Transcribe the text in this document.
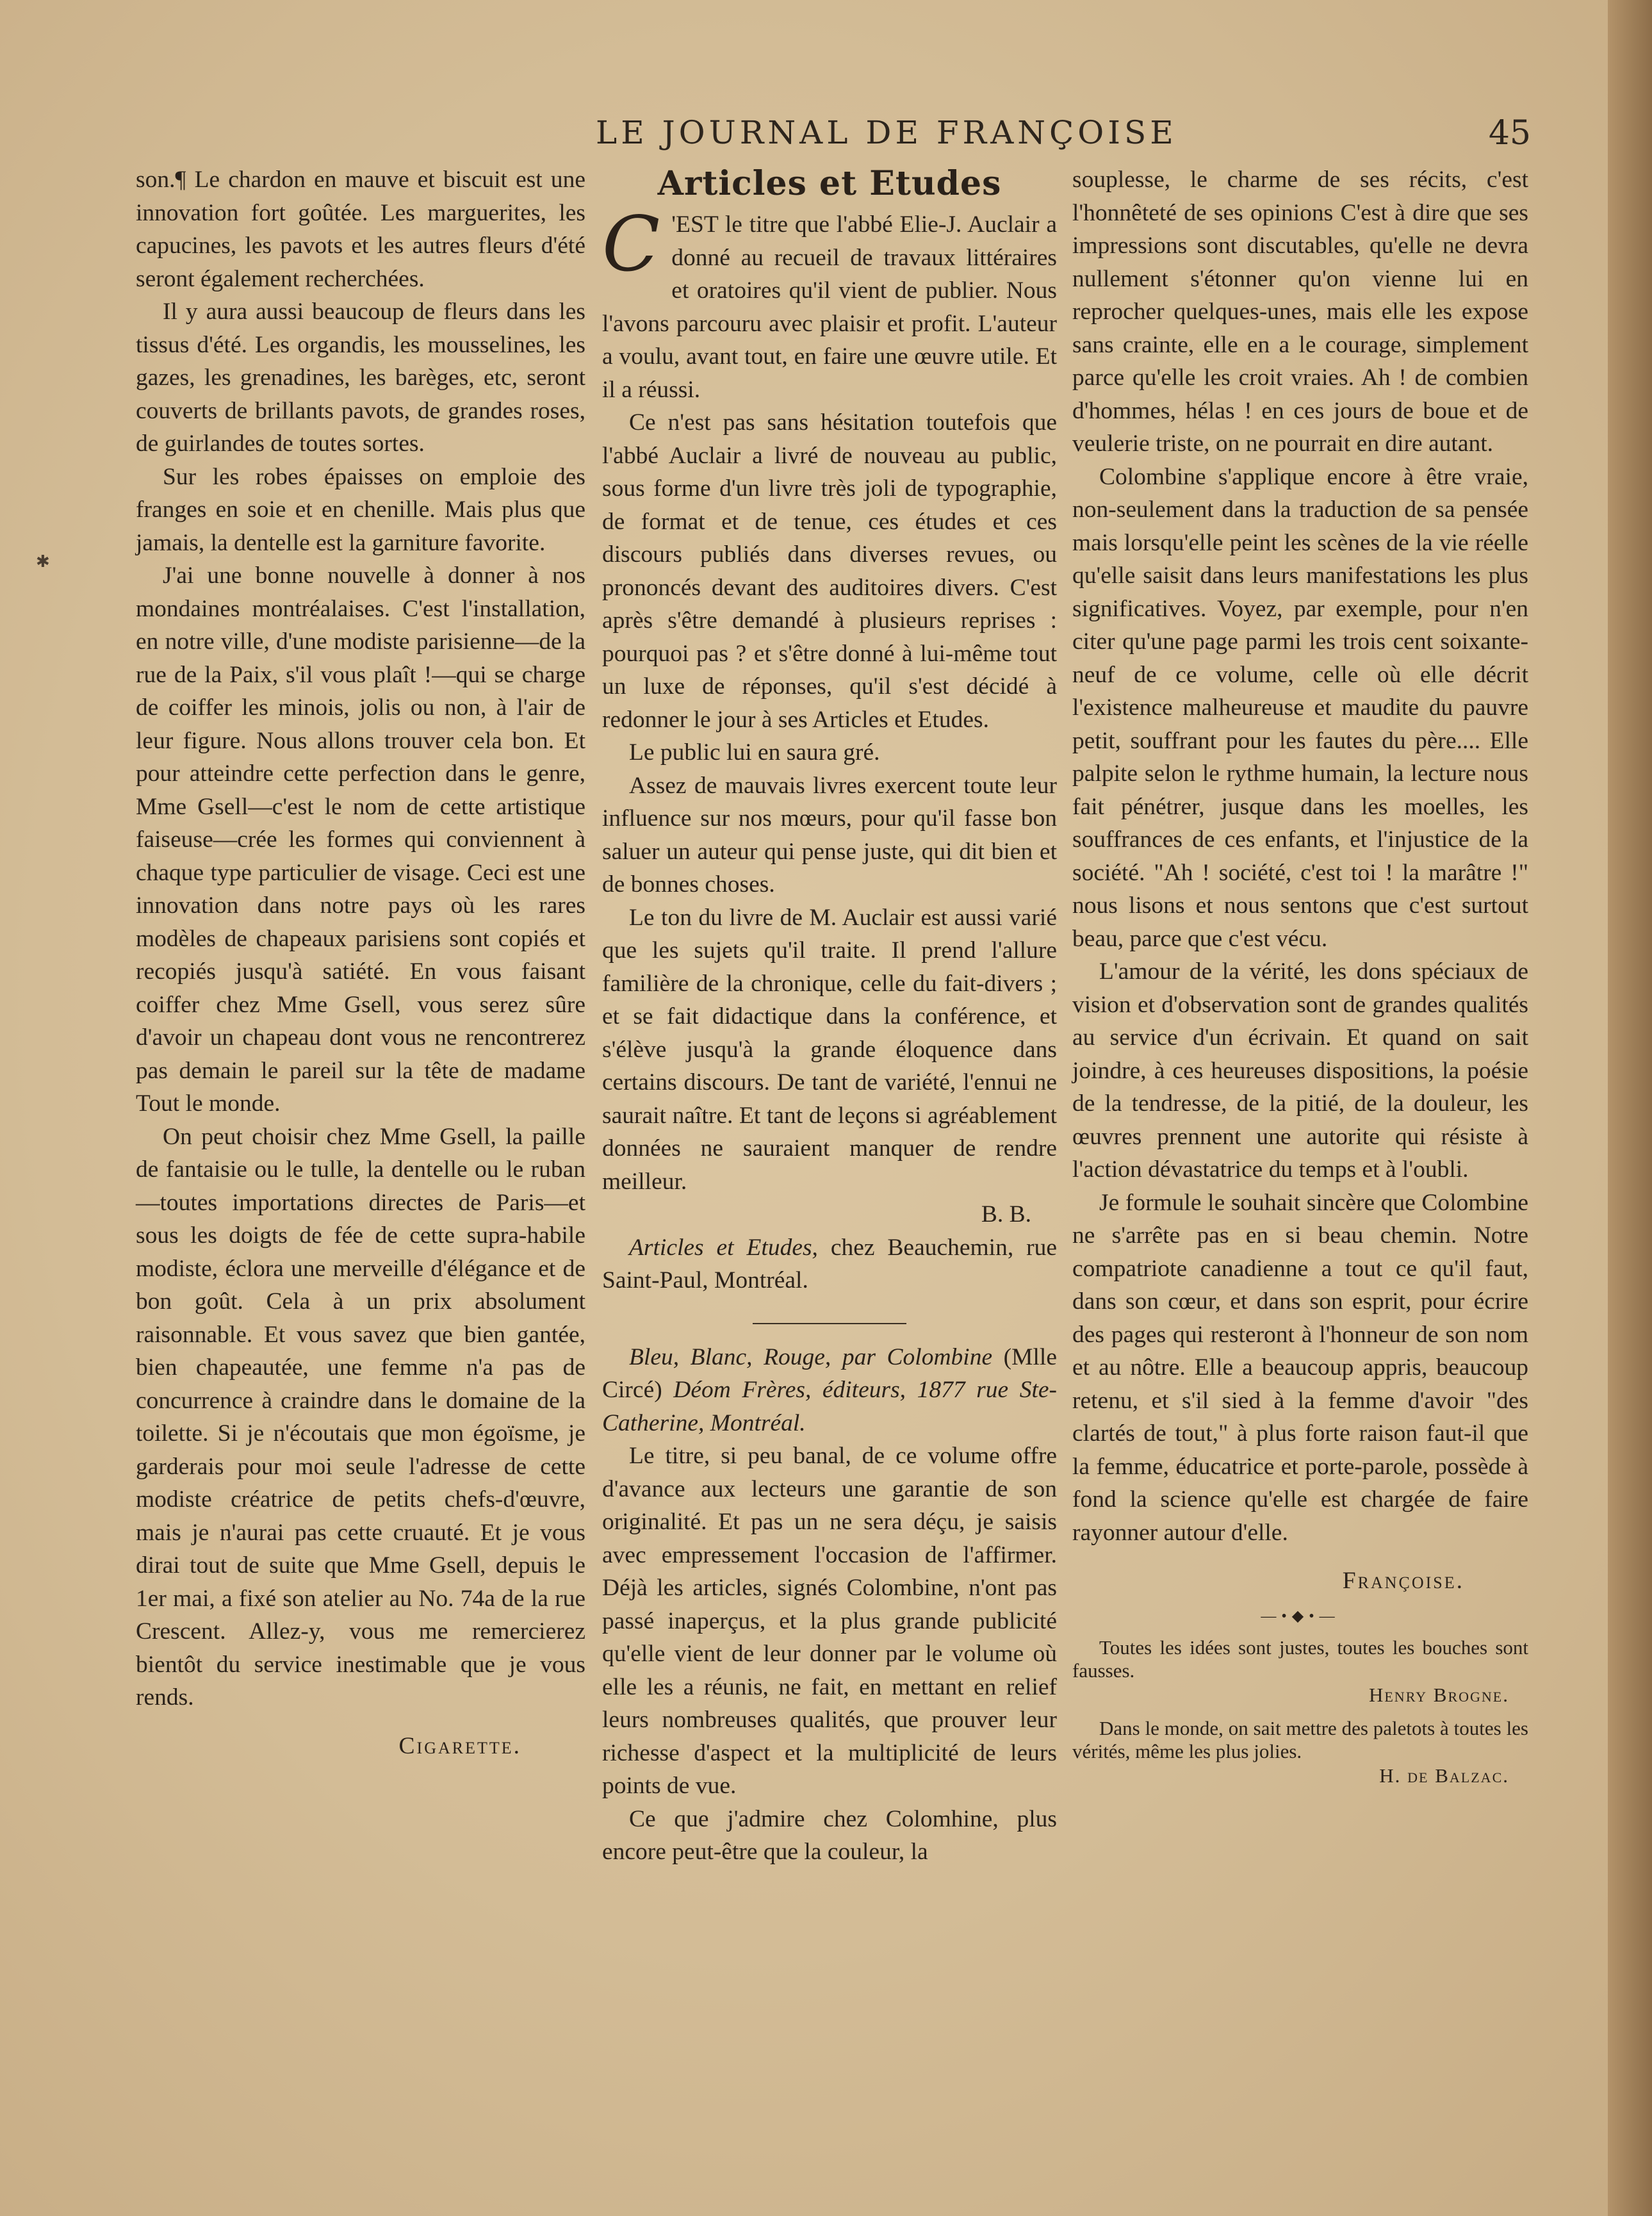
✱
LE JOURNAL DE FRANÇOISE	45

son.¶ Le chardon en mauve et biscuit est une innovation fort goûtée. Les marguerites, les capucines, les pavots et les autres fleurs d'été seront également recherchées.

Il y aura aussi beaucoup de fleurs dans les tissus d'été. Les organdis, les mousselines, les gazes, les grenadines, les barèges, etc, seront couverts de brillants pavots, de grandes roses, de guirlandes de toutes sortes.

Sur les robes épaisses on emploie des franges en soie et en chenille. Mais plus que jamais, la dentelle est la garniture favorite.

J'ai une bonne nouvelle à donner à nos mondaines montréalaises. C'est l'installation, en notre ville, d'une modiste parisienne—de la rue de la Paix, s'il vous plaît !—qui se charge de coiffer les minois, jolis ou non, à l'air de leur figure. Nous allons trouver cela bon. Et pour atteindre cette perfection dans le genre, Mme Gsell—c'est le nom de cette artistique faiseuse—crée les formes qui conviennent à chaque type particulier de visage. Ceci est une innovation dans notre pays où les rares modèles de chapeaux parisiens sont copiés et recopiés jusqu'à satiété. En vous faisant coiffer chez Mme Gsell, vous serez sûre d'avoir un chapeau dont vous ne rencontrerez pas demain le pareil sur la tête de madame Tout le monde.

On peut choisir chez Mme Gsell, la paille de fantaisie ou le tulle, la dentelle ou le ruban—toutes importations directes de Paris—et sous les doigts de fée de cette supra-habile modiste, éclora une merveille d'élégance et de bon goût. Cela à un prix absolument raisonnable. Et vous savez que bien gantée, bien chapeautée, une femme n'a pas de concurrence à craindre dans le domaine de la toilette. Si je n'écoutais que mon égoïsme, je garderais pour moi seule l'adresse de cette modiste créatrice de petits chefs-d'œuvre, mais je n'aurai pas cette cruauté. Et je vous dirai tout de suite que Mme Gsell, depuis le 1er mai, a fixé son atelier au No. 74a de la rue Crescent. Allez-y, vous me remercierez bientôt du service inestimable que je vous rends.

Cigarette.

Articles et Etudes

C 'EST le titre que l'abbé Elie-J. Auclair a donné au recueil de travaux littéraires et oratoires qu'il vient de publier. Nous l'avons parcouru avec plaisir et profit. L'auteur a voulu, avant tout, en faire une œuvre utile. Et il a réussi.

Ce n'est pas sans hésitation toutefois que l'abbé Auclair a livré de nouveau au public, sous forme d'un livre très joli de typographie, de format et de tenue, ces études et ces discours publiés dans diverses revues, ou prononcés devant des auditoires divers. C'est après s'être demandé à plusieurs reprises : pourquoi pas ? et s'être donné à lui-même tout un luxe de réponses, qu'il s'est décidé à redonner le jour à ses Articles et Etudes.

Le public lui en saura gré.

Assez de mauvais livres exercent toute leur influence sur nos mœurs, pour qu'il fasse bon saluer un auteur qui pense juste, qui dit bien et de bonnes choses.

Le ton du livre de M. Auclair est aussi varié que les sujets qu'il traite. Il prend l'allure familière de la chronique, celle du fait-divers ; et se fait didactique dans la conférence, et s'élève jusqu'à la grande éloquence dans certains discours. De tant de variété, l'ennui ne saurait naître. Et tant de leçons si agréablement données ne sauraient manquer de rendre meilleur.

B. B.

Articles et Etudes, chez Beauchemin, rue Saint-Paul, Montréal.

Bleu, Blanc, Rouge, par Colombine (Mlle Circé) Déom Frères, éditeurs, 1877 rue Ste-Catherine, Montréal.

Le titre, si peu banal, de ce volume offre d'avance aux lecteurs une garantie de son originalité. Et pas un ne sera déçu, je saisis avec empressement l'occasion de l'affirmer. Déjà les articles, signés Colombine, n'ont pas passé inaperçus, et la plus grande publicité qu'elle vient de leur donner par le volume où elle les a réunis, ne fait, en mettant en relief leurs nombreuses qualités, que prouver leur richesse d'aspect et la multiplicité de leurs points de vue.

Ce que j'admire chez Colomhine, plus encore peut-être que la couleur, la

souplesse, le charme de ses récits, c'est l'honnêteté de ses opinions C'est à dire que ses impressions sont discutables, qu'elle ne devra nullement s'étonner qu'on vienne lui en reprocher quelques-unes, mais elle les expose sans crainte, elle en a le courage, simplement parce qu'elle les croit vraies. Ah ! de combien d'hommes, hélas ! en ces jours de boue et de veulerie triste, on ne pourrait en dire autant.

Colombine s'applique encore à être vraie, non-seulement dans la traduction de sa pensée mais lorsqu'elle peint les scènes de la vie réelle qu'elle saisit dans leurs manifestations les plus significatives. Voyez, par exemple, pour n'en citer qu'une page parmi les trois cent soixante-neuf de ce volume, celle où elle décrit l'existence malheureuse et maudite du pauvre petit, souffrant pour les fautes du père.... Elle palpite selon le rythme humain, la lecture nous fait pénétrer, jusque dans les moelles, les souffrances de ces enfants, et l'injustice de la société. "Ah ! société, c'est toi ! la marâtre !" nous lisons et nous sentons que c'est surtout beau, parce que c'est vécu.

L'amour de la vérité, les dons spéciaux de vision et d'observation sont de grandes qualités au service d'un écrivain. Et quand on sait joindre, à ces heureuses dispositions, la poésie de la tendresse, de la pitié, de la douleur, les œuvres prennent une autorite qui résiste à l'action dévastatrice du temps et à l'oubli.

Je formule le souhait sincère que Colombine ne s'arrête pas en si beau chemin. Notre compatriote canadienne a tout ce qu'il faut, dans son cœur, et dans son esprit, pour écrire des pages qui resteront à l'honneur de son nom et au nôtre. Elle a beaucoup appris, beaucoup retenu, et s'il sied à la femme d'avoir "des clartés de tout," à plus forte raison faut-il que la femme, éducatrice et porte-parole, possède à fond la science qu'elle est chargée de faire rayonner autour d'elle.

Françoise.

—•◆•—

Toutes les idées sont justes, toutes les bouches sont fausses.

Henry Brogne.

Dans le monde, on sait mettre des paletots à toutes les vérités, même les plus jolies.

H. de Balzac.
